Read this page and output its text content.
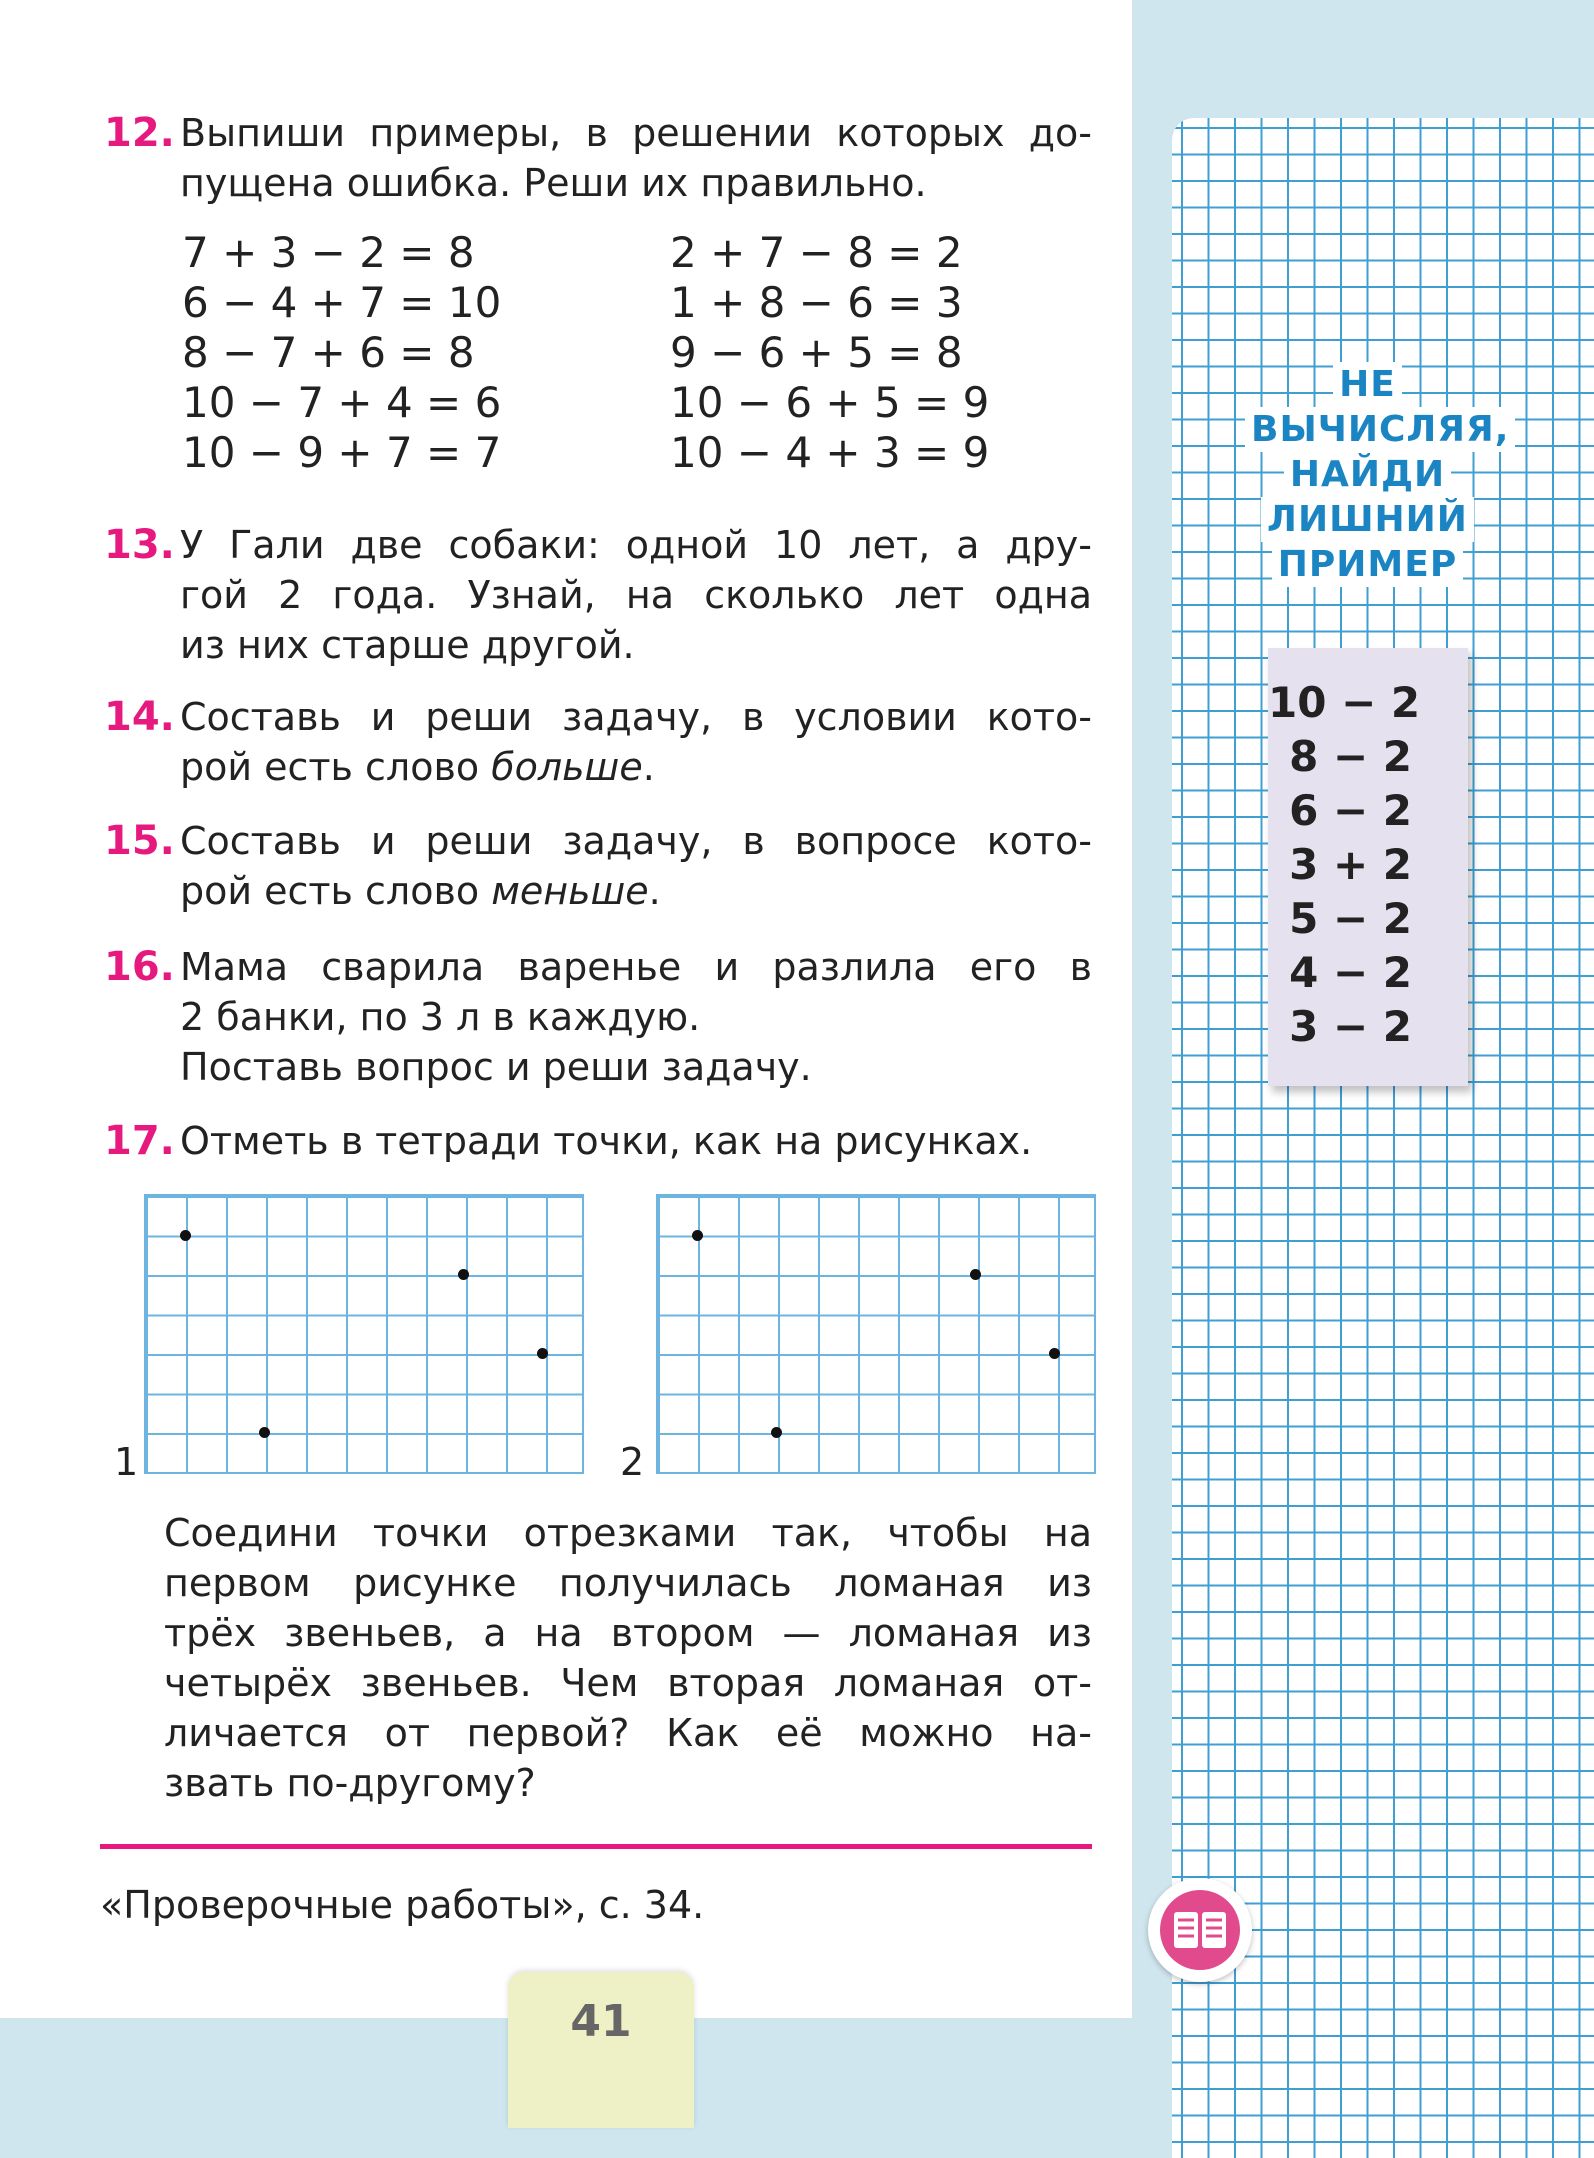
12. Выпиши примеры, в решении которых до-
пущена ошибка. Реши их правильно.
7 + 3 − 2 = 8
6 − 4 + 7 = 10
8 − 7 + 6 = 8
10 − 7 + 4 = 6
10 − 9 + 7 = 7
2 + 7 − 8 = 2
1 + 8 − 6 = 3
9 − 6 + 5 = 8
10 − 6 + 5 = 9
10 − 4 + 3 = 9
13. У Гали две собаки: одной 10 лет, а дру-
гой 2 года. Узнай, на сколько лет одна
из них старше другой.
14. Составь и реши задачу, в условии кото-
рой есть слово больше.
15. Составь и реши задачу, в вопросе кото-
рой есть слово меньше.
16. Мама сварила варенье и разлила его в
2 банки, по 3 л в каждую.
Поставь вопрос и реши задачу.
17. Отметь в тетради точки, как на рисунках.
1	2
Соедини точки отрезками так, чтобы на
первом рисунке получилась ломаная из
трёх звеньев, а на втором — ломаная из
четырёх звеньев. Чем вторая ломаная от-
личается от первой? Как её можно на-
звать по-другому?
«Проверочные работы», с. 34.
41
НЕ
ВЫЧИСЛЯЯ,
НАЙДИ
ЛИШНИЙ
ПРИМЕР
10 − 2
8 − 2
6 − 2
3 + 2
5 − 2
4 − 2
3 − 2
